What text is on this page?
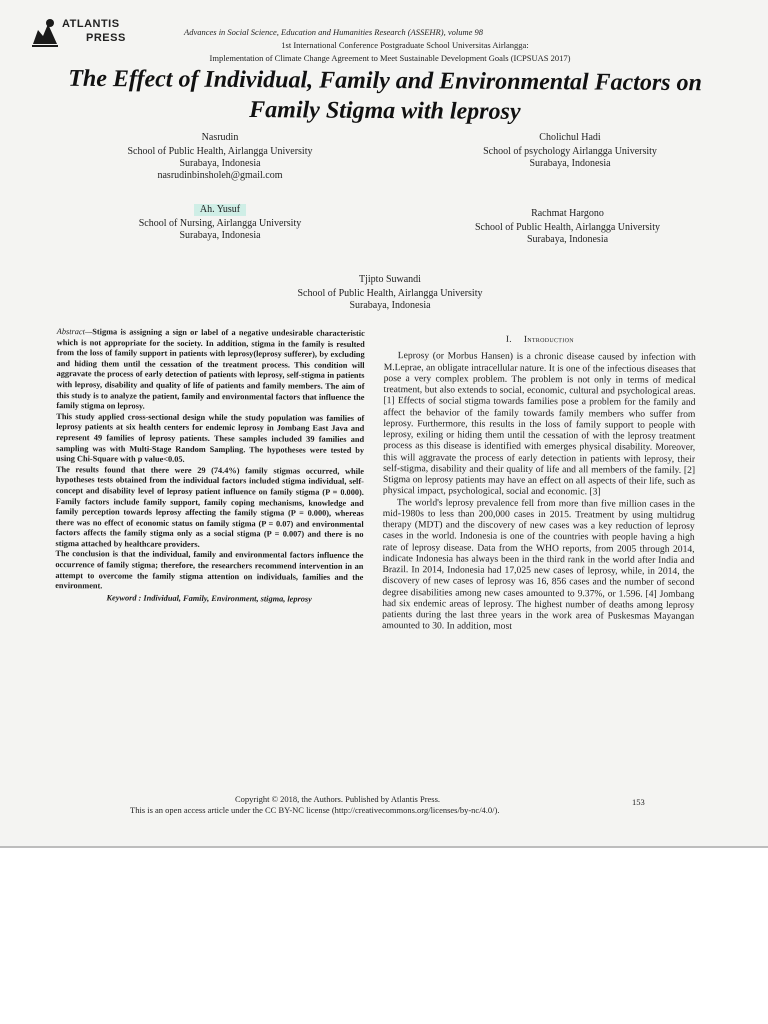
ATLANTIS
PRESS	Advances in Social Science, Education and Humanities Research (ASSEHR), volume 98
1st International Conference Postgraduate School Universitas Airlangga:
Implementation of Climate Change Agreement to Meet Sustainable Development Goals (ICPSUAS 2017)
The Effect of Individual, Family and Environmental Factors on Family Stigma with leprosy
Nasrudin
School of Public Health, Airlangga University
Surabaya, Indonesia
nasrudinbinsholeh@gmail.com
Cholichul Hadi
School of psychology Airlangga University
Surabaya, Indonesia
Ah. Yusuf
School of Nursing, Airlangga University
Surabaya, Indonesia
Rachmat Hargono
School of Public Health, Airlangga University
Surabaya, Indonesia
Tjipto Suwandi
School of Public Health, Airlangga University
Surabaya, Indonesia

Abstract—Stigma is assigning a sign or label of a negative undesirable characteristic which is not appropriate for the society. In addition, stigma in the family is resulted from the loss of family support in patients with leprosy(leprosy sufferer), by excluding and hiding them until the cessation of the treatment process. This condition will aggravate the process of early detection of patients with leprosy, self-stigma in patients with leprosy, disability and quality of life of patients and family members. The aim of this study is to analyze the patient, family and environmental factors that influence the family stigma on leprosy.

This study applied cross-sectional design while the study population was families of leprosy patients at six health centers for endemic leprosy in Jombang East Java and represent 49 families of leprosy patients. These samples included 39 families and sampling was with Multi-Stage Random Sampling. The hypotheses were tested by using Chi-Square with p value<0.05.

The results found that there were 29 (74.4%) family stigmas occurred, while hypotheses tests obtained from the individual factors included stigma individual, self-concept and disability level of leprosy patient influence on family stigma (P = 0.000). Family factors include family support, family coping mechanisms, knowledge and family perception towards leprosy affecting the family stigma (P = 0.000), whereas there was no effect of economic status on family stigma (P = 0.07) and environmental factors affects the family stigma only as a social stigma (P = 0.007) and there is no stigma attached by healthcare providers.

The conclusion is that the individual, family and environmental factors influence the occurrence of family stigma; therefore, the researchers recommend intervention in an attempt to overcome the family stigma attention on individuals, families and the environment.

Keyword : Individual, Family, Environment, stigma, leprosy

I. Introduction

Leprosy (or Morbus Hansen) is a chronic disease caused by infection with M.Leprae, an obligate intracellular nature. It is one of the infectious diseases that pose a very complex problem. The problem is not only in terms of medical treatment, but also extends to social, economic, cultural and psychological areas. [1] Effects of social stigma towards families pose a problem for the family and affect the behavior of the family towards family members who suffer from leprosy. Furthermore, this results in the loss of family support to people with leprosy, exiling or hiding them until the cessation of with the leprosy treatment process as this disease is identified with emerges physical disability. Moreover, this will aggravate the process of early detection in patients with leprosy, their self-stigma, disability and their quality of life and all members of the family. [2] Stigma on leprosy patients may have an effect on all aspects of their life, such as physical impact, psychological, social and economic. [3]

The world's leprosy prevalence fell from more than five million cases in the mid-1980s to less than 200,000 cases in 2015. Treatment by using multidrug therapy (MDT) and the discovery of new cases was a key reduction of leprosy cases in the world. Indonesia is one of the countries with people having a high rate of leprosy disease. Data from the WHO reports, from 2005 through 2014, indicate Indonesia has always been in the third rank in the world after India and Brazil. In 2014, Indonesia had 17,025 new cases of leprosy, while, in 2014, the discovery of new cases of leprosy was 16, 856 cases and the number of second degree disabilities among new cases amounted to 9.37%, or 1.596. [4] Jombang had six endemic areas of leprosy. The highest number of deaths among leprosy patients during the last three years in the work area of Puskesmas Mayangan amounted to 30. In addition, most

Copyright © 2018, the Authors. Published by Atlantis Press.
This is an open access article under the CC BY-NC license (http://creativecommons.org/licenses/by-nc/4.0/).
153
